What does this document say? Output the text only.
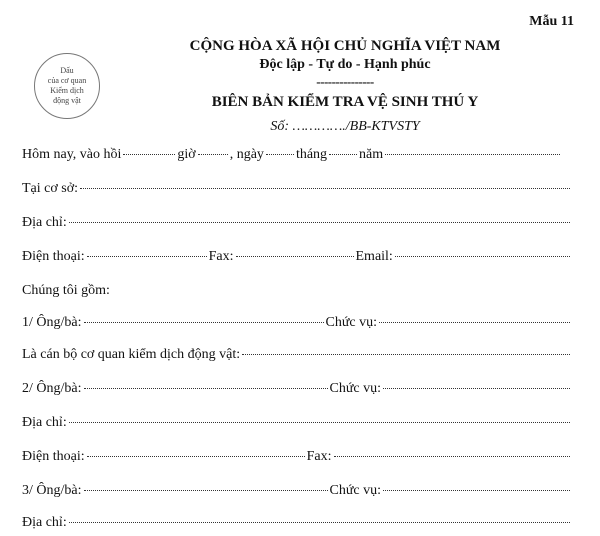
Mẫu 11
Dấu
của cơ quan
Kiểm dịch
động vật
CỘNG HÒA XÃ HỘI CHỦ NGHĨA VIỆT NAM
Độc lập - Tự do - Hạnh phúc
---------------
BIÊN BẢN KIỂM TRA VỆ SINH THÚ Y
Số: …………./BB-KTVSTY
Hôm nay, vào hồi	giờ , ngày tháng năm
Tại cơ sở:
Địa chỉ:
Điện thoại:	Fax:	Email:
Chúng tôi gồm:
1/ Ông/bà:	Chức vụ:
Là cán bộ cơ quan kiểm dịch động vật:
2/ Ông/bà:	Chức vụ:
Địa chỉ:
Điện thoại:	Fax:
3/ Ông/bà:	Chức vụ:
Địa chỉ:
